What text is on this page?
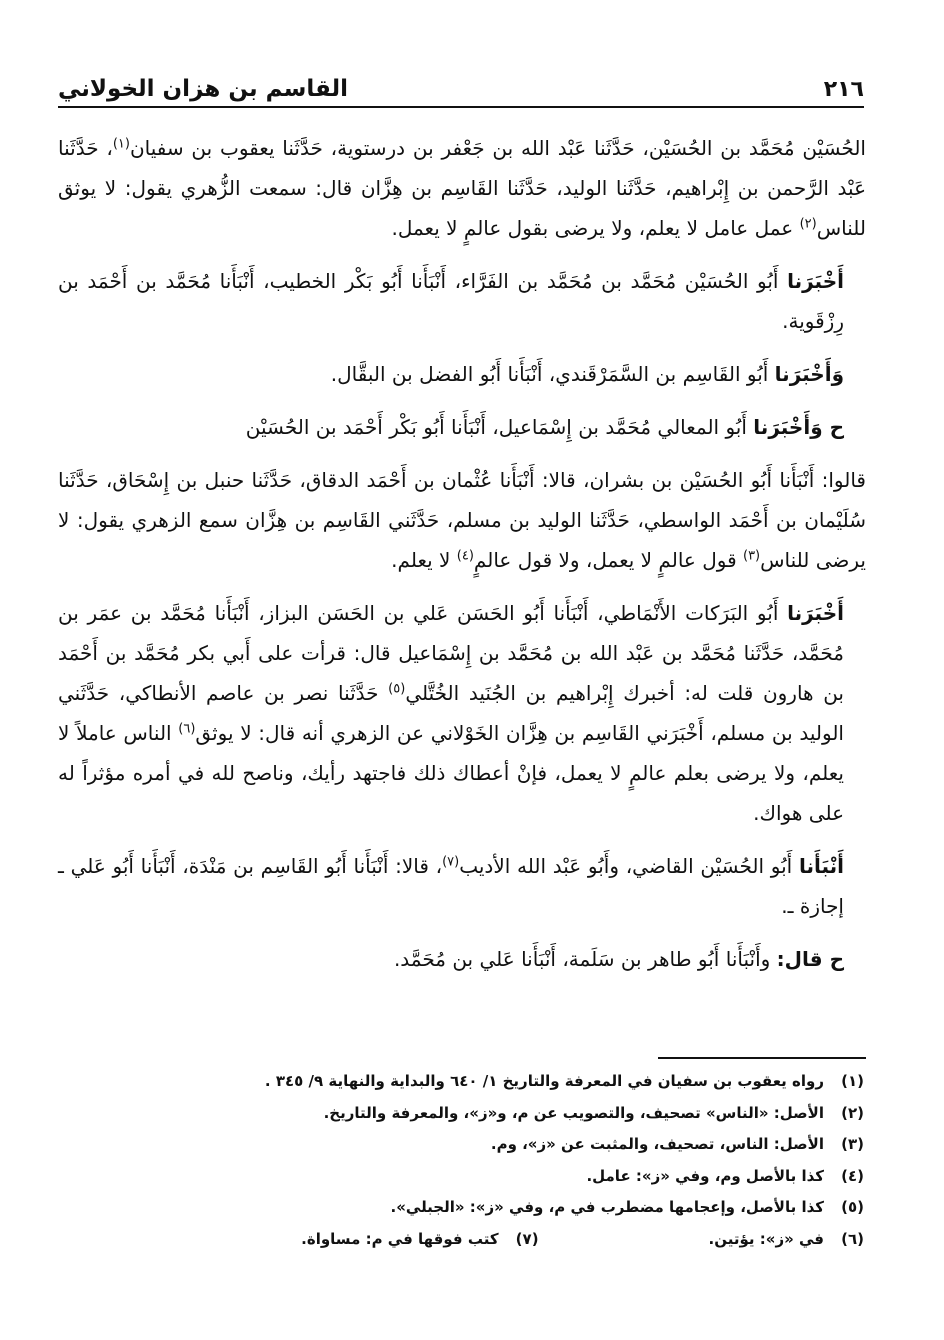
٢١٦
القاسم بن هزان الخولاني

الحُسَيْن مُحَمَّد بن الحُسَيْن، حَدَّثَنا عَبْد الله بن جَعْفر بن درستوية، حَدَّثَنا يعقوب بن سفيان$^{(١)}$، حَدَّثَنا عَبْد الرَّحمن بن إِبْراهيم، حَدَّثَنا الوليد، حَدَّثَنا القَاسِم بن هِزَّان قال: سمعت الزُّهري يقول: لا يوثق للناس$^{(٢)}$ عمل عامل لا يعلم، ولا يرضى بقول عالمٍ لا يعمل.

أَخْبَرَنا أَبُو الحُسَيْن مُحَمَّد بن مُحَمَّد بن الفَرَّاء، أَنْبَأَنا أَبُو بَكْر الخطيب، أَنْبَأَنا مُحَمَّد بن أَحْمَد بن رِزْقَوية.

وَأَخْبَرَنا أَبُو القَاسِم بن السَّمَرْقَندي، أَنْبَأَنا أَبُو الفضل بن البقَّال.

ح وَأَخْبَرَنا أَبُو المعالي مُحَمَّد بن إِسْمَاعيل، أَنْبَأَنا أَبُو بَكْر أَحْمَد بن الحُسَيْن

قالوا: أَنْبَأَنا أَبُو الحُسَيْن بن بشران، قالا: أَنْبَأَنا عُثْمان بن أَحْمَد الدقاق، حَدَّثَنا حنبل بن إِسْحَاق، حَدَّثَنا سُلَيْمان بن أَحْمَد الواسطي، حَدَّثَنا الوليد بن مسلم، حَدَّثَني القَاسِم بن هِزَّان سمع الزهري يقول: لا يرضى للناس$^{(٣)}$ قول عالمٍ لا يعمل، ولا قول عالمٍ$^{(٤)}$ لا يعلم.

أَخْبَرَنا أَبُو البَرَكات الأَنْمَاطي، أَنْبَأَنا أَبُو الحَسَن عَلي بن الحَسَن البزاز، أَنْبَأَنا مُحَمَّد بن عمَر بن مُحَمَّد، حَدَّثَنا مُحَمَّد بن عَبْد الله بن مُحَمَّد بن إِسْمَاعيل قال: قرأت على أَبي بكر مُحَمَّد بن أَحْمَد بن هارون قلت له: أخبرك إِبْراهيم بن الجُنَيد الخُتَّلي$^{(٥)}$ حَدَّثَنا نصر بن عاصم الأنطاكي، حَدَّثَني الوليد بن مسلم، أَخْبَرَني القَاسِم بن هِزَّان الخَوْلاني عن الزهري أنه قال: لا يوثق$^{(٦)}$ الناس عاملاً لا يعلم، ولا يرضى بعلم عالمٍ لا يعمل، فإنْ أعطاك ذلك فاجتهد رأيك، وناصح لله في أمره مؤثراً له على هواك.

أَنْبَأَنا أَبُو الحُسَيْن القاضي، وأَبُو عَبْد الله الأديب$^{(٧)}$، قالا: أَنْبَأَنا أَبُو القَاسِم بن مَنْدَة، أَنْبَأَنا أَبُو عَلي ـ إجازة ـ.

ح قال: وأَنْبَأَنا أَبُو طاهر بن سَلَمة، أَنْبَأَنا عَلي بن مُحَمَّد.

(١)
رواه يعقوب بن سفيان في المعرفة والتاريخ ١/ ٦٤٠ والبداية والنهاية ٩/ ٣٤٥ .
(٢)
الأصل: «الناس» تصحيف، والتصويب عن م، و«ز»، والمعرفة والتاريخ.
(٣)
الأصل: الناس، تصحيف، والمثبت عن «ز»، وم.
(٤)
كذا بالأصل وم، وفي «ز»: عامل.
(٥)
كذا بالأصل، وإعجامها مضطرب في م، وفي «ز»: «الجبلي».
(٦)
في «ز»: يؤتين.
(٧)
كتب فوقها في م: مساواة.
